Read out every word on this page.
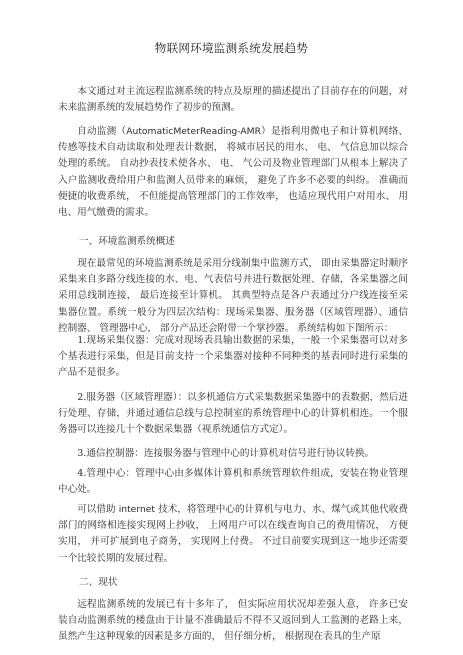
物联网环境监测系统发展趋势
本文通过对主流远程监测系统的特点及原理的描述提出了目前存在的问题，对未来监测系统的发展趋势作了初步的预测。
自动监测（AutomaticMeterReading-AMR）是指利用微电子和计算机网络、传感等技术自动读取和处理表计数据， 将城市居民的用水、 电、 气信息加以综合处理的系统。 自动抄表技术使各水、 电、 气公司及物业管理部门从根本上解决了入户监测收费给用户和监测人员带来的麻烦， 避免了许多不必要的纠纷。 准确而便捷的收费系统， 不但能提高管理部门的工作效率， 也适应现代用户对用水、 用电、用气缴费的需求。
一、环境监测系统概述
现在最常见的环境监测系统是采用分线制集中监测方式， 即由采集器定时顺序采集来自多路分线连接的水、电、气表信号并进行数据处理、存储，各采集器之间采用总线制连接， 最后连接至计算机。 其典型特点是各户表通过分户线连接至采集器位置。系统一般分为四层次结构：现场采集器、服务器（区域管理器）、通信控制器、 管理器中心， 部分产品还会附带一个掌抄器。 系统结构如下图所示：
1.现场采集仪器：完成对现场表具输出数据的采集，一般一个采集器可以对多个基表进行采集，但是目前支持一个采集器对接种不同种类的基表同时进行采集的产品不是很多。
2.服务器（区域管理器）：以多机通信方式采集数据采集器中的表数据，然后进行处理、存储，并通过通信总线与总控制室的系统管理中心的计算机相连。一个服务器可以连接几十个数据采集器（视系统通信方式定）。
3.通信控制器：连接服务器与管理中心的计算机对信号进行协议转换。
4.管理中心：管理中心由多媒体计算机和系统管理软件组成，安装在物业管理中心处。
可以借助 internet 技术，将管理中心的计算机与电力、水、煤气或其他代收费部门的网络相连接实现网上抄收， 上网用户可以在线查询自己的费用情况， 方便实用， 并可扩展到电子商务， 实现网上付费。 不过目前要实现到这一地步还需要一个比较长期的发展过程。
二、现状
远程监测系统的发展已有十多年了， 但实际应用状况却差强人意， 许多已安装自动监测系统的楼盘由于计量不准确最后不得不又返回到人工监测的老路上来，虽然产生这种现象的因素是多方面的， 但仔细分析， 根据现在表具的生产原
